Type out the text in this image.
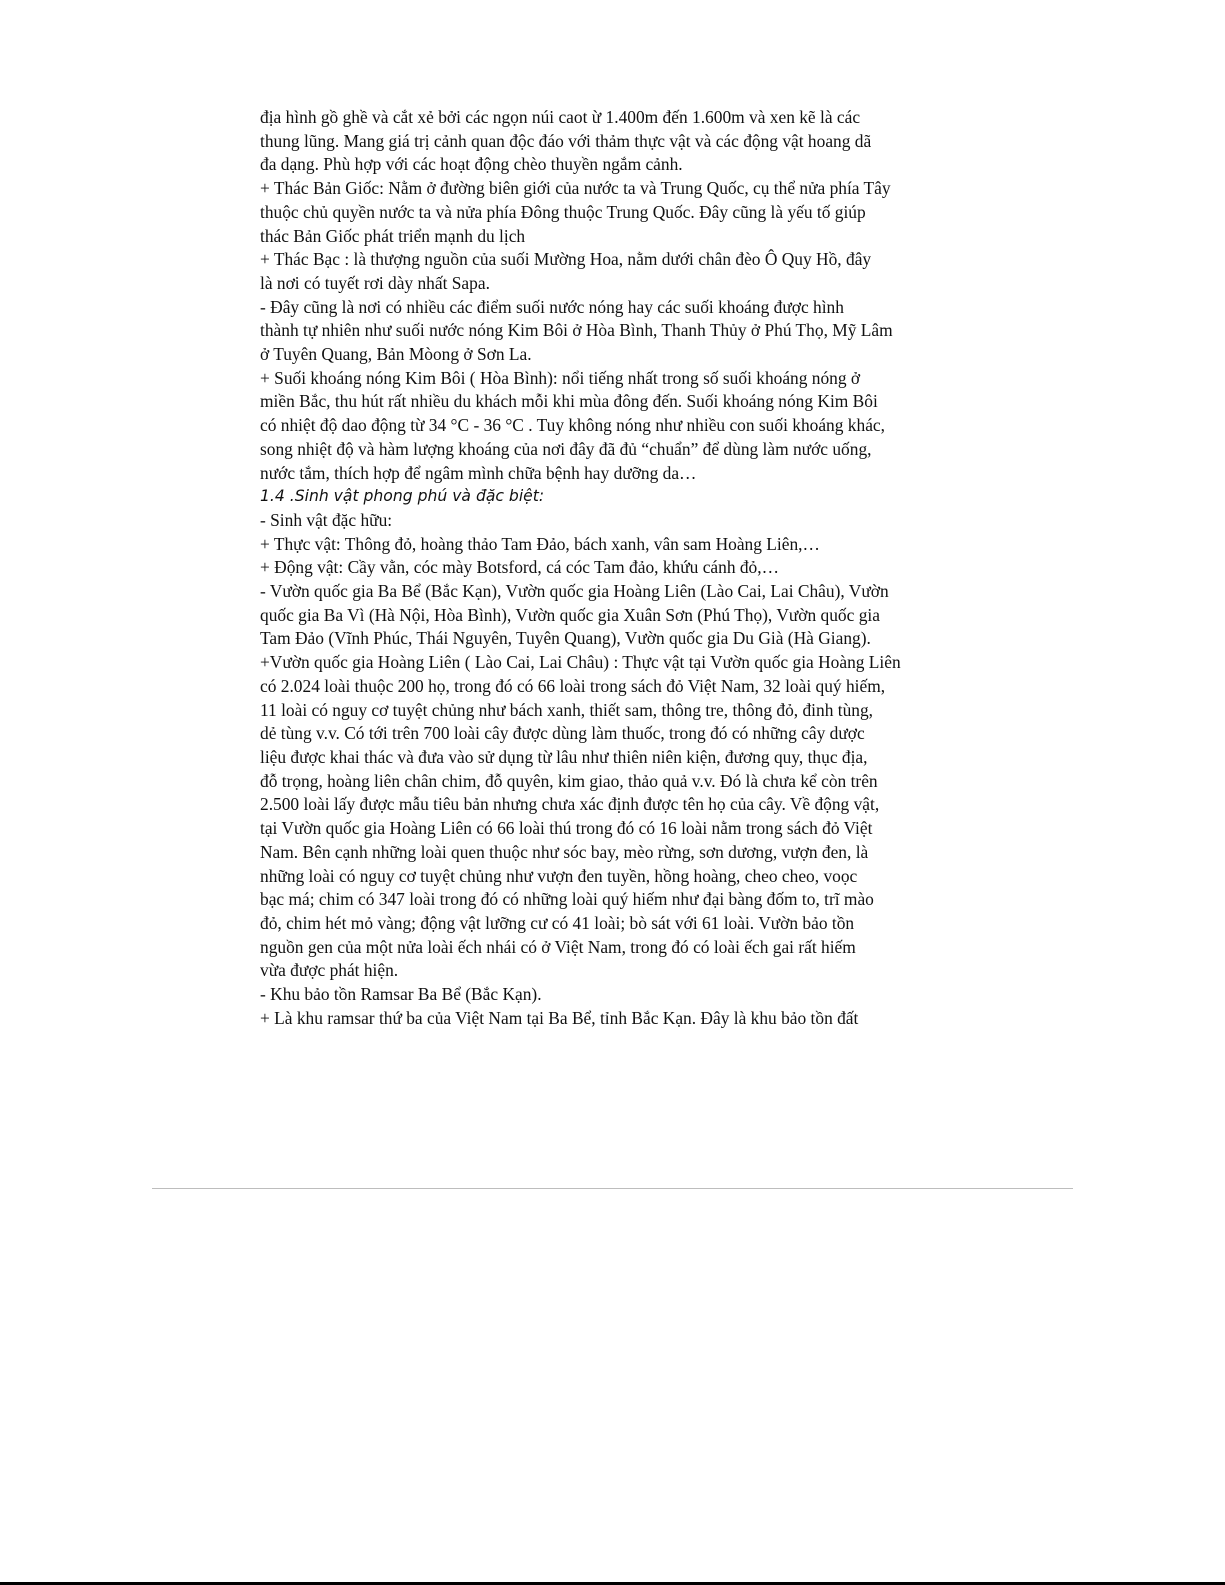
địa hình gồ ghề và cắt xẻ bởi các ngọn núi caot ừ 1.400m đến 1.600m và xen kẽ là các

thung lũng. Mang giá trị cảnh quan độc đáo với thảm thực vật và các động vật hoang dã

đa dạng. Phù hợp với các hoạt động chèo thuyền ngắm cảnh.

+ Thác Bản Giốc: Nằm ở đường biên giới của nước ta và Trung Quốc, cụ thể nửa phía Tây

thuộc chủ quyền nước ta và nửa phía Đông thuộc Trung Quốc. Đây cũng là yếu tố giúp

thác Bản Giốc phát triển mạnh du lịch

+ Thác Bạc : là thượng nguồn của suối Mường Hoa, nằm dưới chân đèo Ô Quy Hồ, đây

là nơi có tuyết rơi dày nhất Sapa.

- Đây cũng là nơi có nhiều các điểm suối nước nóng hay các suối khoáng được hình

thành tự nhiên như suối nước nóng Kim Bôi ở Hòa Bình, Thanh Thủy ở Phú Thọ, Mỹ Lâm

ở Tuyên Quang, Bản Mòong ở Sơn La.

+ Suối khoáng nóng Kim Bôi ( Hòa Bình): nổi tiếng nhất trong số suối khoáng nóng ở

miền Bắc, thu hút rất nhiều du khách mỗi khi mùa đông đến. Suối khoáng nóng Kim Bôi

có nhiệt độ dao động từ 34 °C - 36 °C . Tuy không nóng như nhiều con suối khoáng khác,

song nhiệt độ và hàm lượng khoáng của nơi đây đã đủ “chuẩn” để dùng làm nước uống,

nước tắm, thích hợp để ngâm mình chữa bệnh hay dưỡng da…

1.4 .Sinh vật phong phú và đặc biệt:

- Sinh vật đặc hữu:

+ Thực vật: Thông đỏ, hoàng thảo Tam Đảo, bách xanh, vân sam Hoàng Liên,…

+ Động vật: Cầy vằn, cóc mày Botsford, cá cóc Tam đảo, khứu cánh đỏ,…

- Vườn quốc gia Ba Bể (Bắc Kạn), Vườn quốc gia Hoàng Liên (Lào Cai, Lai Châu), Vườn

quốc gia Ba Vì (Hà Nội, Hòa Bình), Vườn quốc gia Xuân Sơn (Phú Thọ), Vườn quốc gia

Tam Đảo (Vĩnh Phúc, Thái Nguyên, Tuyên Quang), Vườn quốc gia Du Già (Hà Giang).

+Vườn quốc gia Hoàng Liên ( Lào Cai, Lai Châu) : Thực vật tại Vườn quốc gia Hoàng Liên

có 2.024 loài thuộc 200 họ, trong đó có 66 loài trong sách đỏ Việt Nam, 32 loài quý hiếm,

11 loài có nguy cơ tuyệt chủng như bách xanh, thiết sam, thông tre, thông đỏ, đinh tùng,

dẻ tùng v.v. Có tới trên 700 loài cây được dùng làm thuốc, trong đó có những cây dược

liệu được khai thác và đưa vào sử dụng từ lâu như thiên niên kiện, đương quy, thục địa,

đỗ trọng, hoàng liên chân chim, đỗ quyên, kim giao, thảo quả v.v. Đó là chưa kể còn trên

2.500 loài lấy được mẫu tiêu bản nhưng chưa xác định được tên họ của cây. Về động vật,

tại Vườn quốc gia Hoàng Liên có 66 loài thú trong đó có 16 loài nằm trong sách đỏ Việt

Nam. Bên cạnh những loài quen thuộc như sóc bay, mèo rừng, sơn dương, vượn đen, là

những loài có nguy cơ tuyệt chủng như vượn đen tuyền, hồng hoàng, cheo cheo, voọc

bạc má; chim có 347 loài trong đó có những loài quý hiếm như đại bàng đốm to, trĩ mào

đỏ, chim hét mỏ vàng; động vật lưỡng cư có 41 loài; bò sát với 61 loài. Vườn bảo tồn

nguồn gen của một nửa loài ếch nhái có ở Việt Nam, trong đó có loài ếch gai rất hiếm

vừa được phát hiện.

- Khu bảo tồn Ramsar Ba Bể (Bắc Kạn).

+ Là khu ramsar thứ ba của Việt Nam tại Ba Bể, tỉnh Bắc Kạn. Đây là khu bảo tồn đất
